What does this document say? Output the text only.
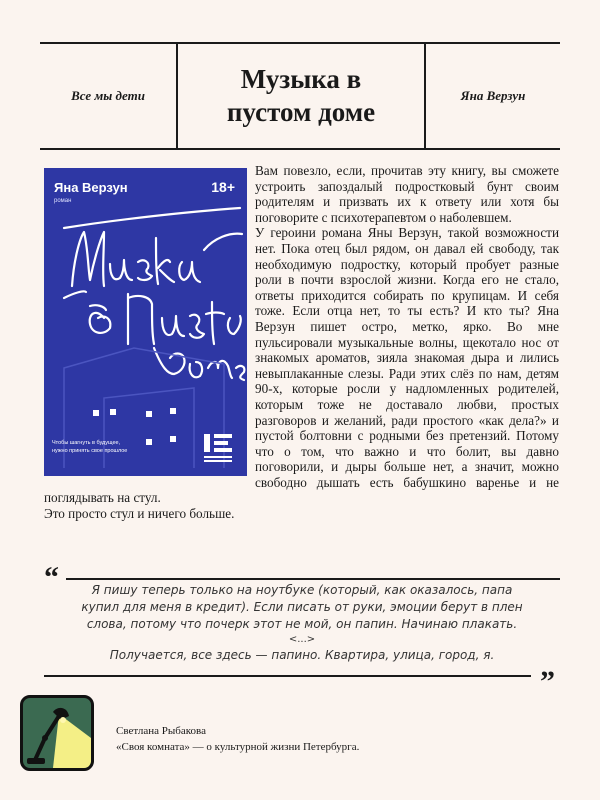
Все мы дети
Музыка в
пустом доме
Яна Верзун
Яна Верзун
роман
18+
Чтобы шагнуть в будущее,
нужно принять свое прошлое

Вам повезло, если, прочитав эту книгу, вы сможете устроить запоздалый подростковый бунт своим родителям и призвать их к ответу или хотя бы поговорите с психотерапевтом о наболевшем.

У героини романа Яны Верзун, такой возможности нет. Пока отец был рядом, он давал ей свободу, так необходимую подростку, который пробует разные роли в почти взрослой жизни. Когда его не стало, ответы приходится собирать по крупицам. И себя тоже. Если отца нет, то ты есть? И кто ты? Яна Верзун пишет остро, метко, ярко. Во мне пульсировали музыкальные волны, щекотало нос от знакомых ароматов, зияла знакомая дыра и лились невыплаканные слезы. Ради этих слёз по нам, детям 90-х, которые росли у надломленных родителей, которым тоже не доставало любви, простых разговоров и желаний, ради простого «как дела?» и пустой болтовни с родными без претензий. Потому что о том, что важно и что болит, вы давно поговорили, и дыры больше нет, а значит, можно свободно дышать есть бабушкино варенье и не поглядывать на стул.

Это просто стул и ничего больше.

“	Я пишу теперь только на ноутбуке (который, как оказалось, папа
купил для меня в кредит). Если писать от руки, эмоции берут в плен
слова, потому что почерк этот не мой, он папин. Начинаю плакать.
<...>
Получается, все здесь — папино. Квартира, улица, город, я.
”
Светлана Рыбакова
«Своя комната» — о культурной жизни Петербурга.
